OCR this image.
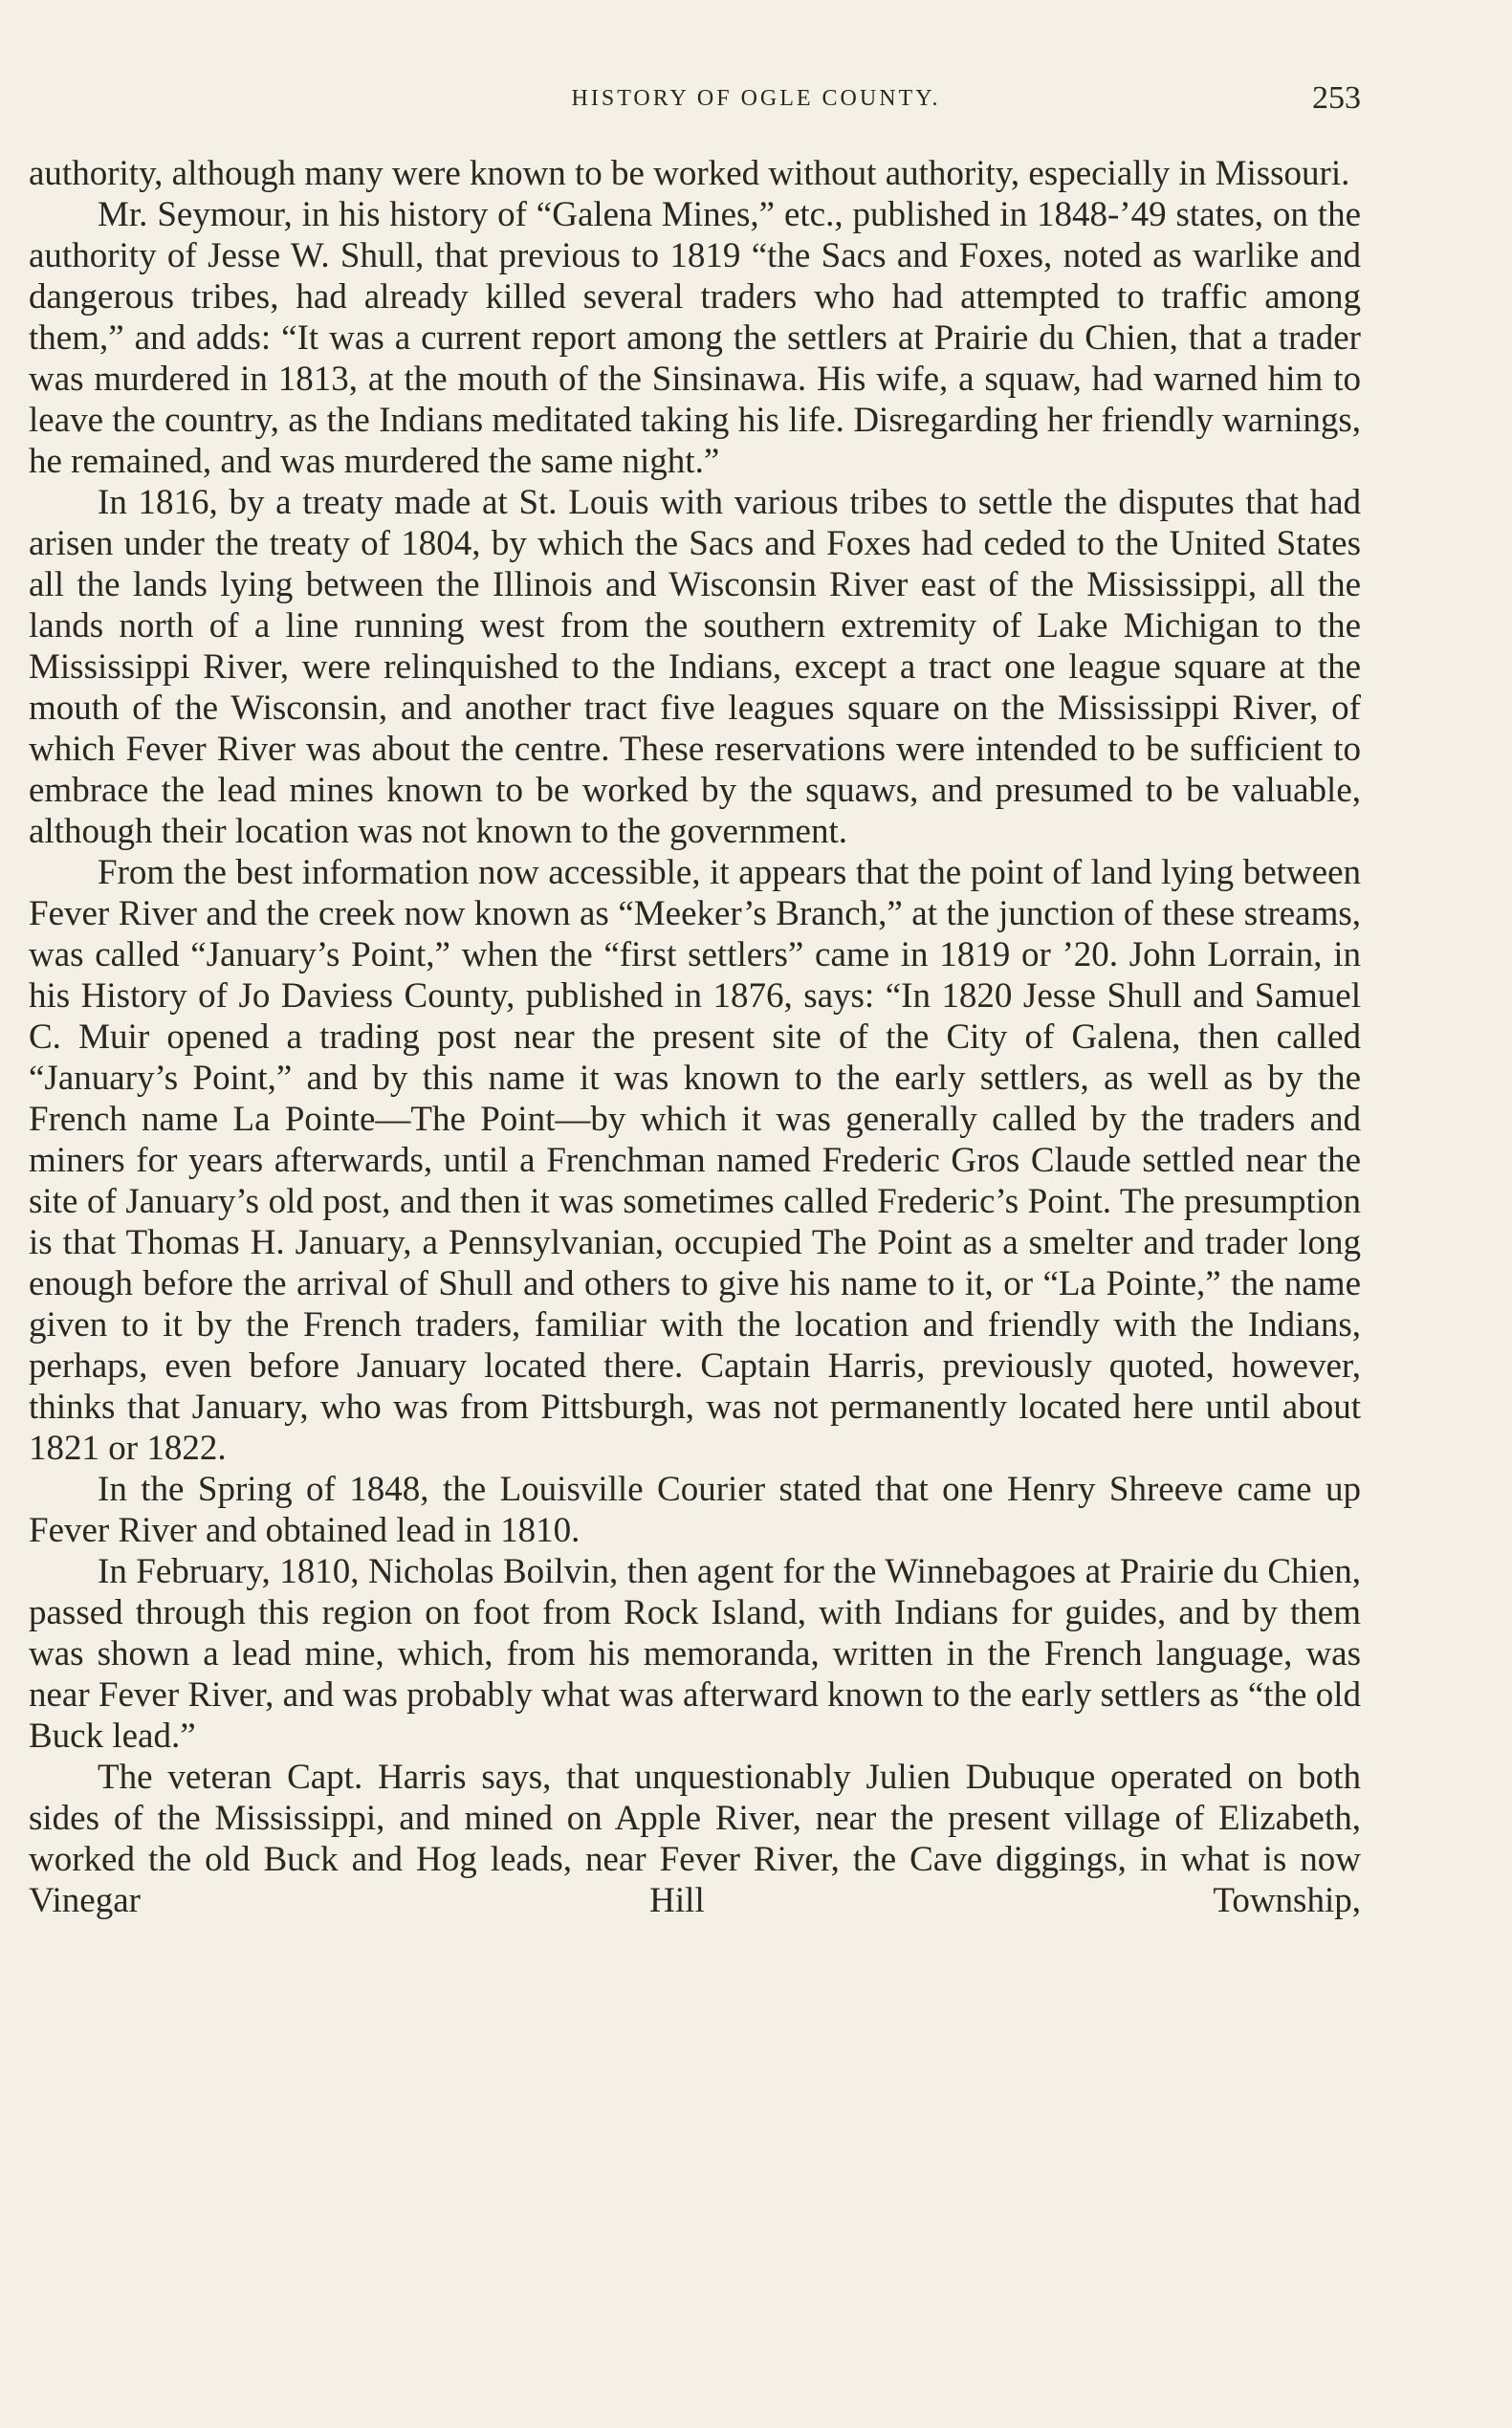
HISTORY OF OGLE COUNTY.	253

authority, although many were known to be worked without authority, especially in Missouri.

Mr. Seymour, in his history of “Galena Mines,” etc., published in 1848-’49 states, on the authority of Jesse W. Shull, that previous to 1819 “the Sacs and Foxes, noted as warlike and dangerous tribes, had already killed several traders who had attempted to traffic among them,” and adds: “It was a current report among the settlers at Prairie du Chien, that a trader was murdered in 1813, at the mouth of the Sinsinawa. His wife, a squaw, had warned him to leave the country, as the Indians meditated taking his life. Disregarding her friendly warnings, he remained, and was murdered the same night.”

In 1816, by a treaty made at St. Louis with various tribes to settle the disputes that had arisen under the treaty of 1804, by which the Sacs and Foxes had ceded to the United States all the lands lying between the Illinois and Wisconsin River east of the Mississippi, all the lands north of a line running west from the southern extremity of Lake Michigan to the Mississippi River, were relinquished to the Indians, except a tract one league square at the mouth of the Wisconsin, and another tract five leagues square on the Mississippi River, of which Fever River was about the centre. These reservations were intended to be sufficient to embrace the lead mines known to be worked by the squaws, and presumed to be valuable, although their location was not known to the government.

From the best information now accessible, it appears that the point of land lying between Fever River and the creek now known as “Meeker’s Branch,” at the junction of these streams, was called “January’s Point,” when the “first settlers” came in 1819 or ’20. John Lorrain, in his History of Jo Daviess County, published in 1876, says: “In 1820 Jesse Shull and Samuel C. Muir opened a trading post near the present site of the City of Galena, then called “January’s Point,” and by this name it was known to the early settlers, as well as by the French name La Pointe—The Point—by which it was generally called by the traders and miners for years afterwards, until a Frenchman named Frederic Gros Claude settled near the site of January’s old post, and then it was sometimes called Frederic’s Point. The presumption is that Thomas H. January, a Pennsylvanian, occupied The Point as a smelter and trader long enough before the arrival of Shull and others to give his name to it, or “La Pointe,” the name given to it by the French traders, familiar with the location and friendly with the Indians, perhaps, even before January located there. Captain Harris, previously quoted, however, thinks that January, who was from Pittsburgh, was not permanently located here until about 1821 or 1822.

In the Spring of 1848, the Louisville Courier stated that one Henry Shreeve came up Fever River and obtained lead in 1810.

In February, 1810, Nicholas Boilvin, then agent for the Winnebagoes at Prairie du Chien, passed through this region on foot from Rock Island, with Indians for guides, and by them was shown a lead mine, which, from his memoranda, written in the French language, was near Fever River, and was probably what was afterward known to the early settlers as “the old Buck lead.”

The veteran Capt. Harris says, that unquestionably Julien Dubuque operated on both sides of the Mississippi, and mined on Apple River, near the present village of Elizabeth, worked the old Buck and Hog leads, near Fever River, the Cave diggings, in what is now Vinegar Hill Township,
